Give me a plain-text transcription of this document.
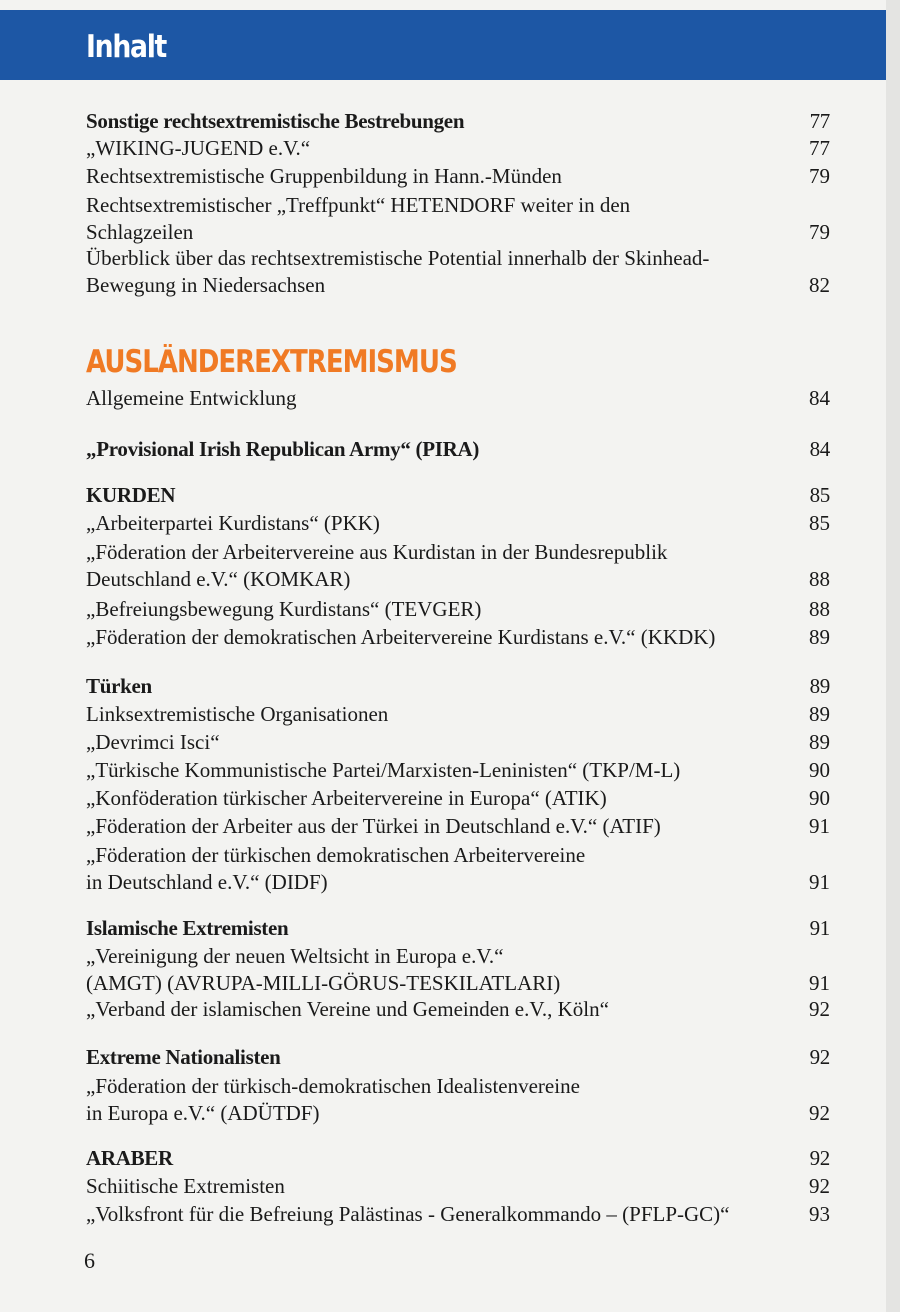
Inhalt
AUSLÄNDEREXTREMISMUS
Sonstige rechtsextremistische Bestrebungen	77
„WIKING-JUGEND e.V.“	77
Rechtsextremistische Gruppenbildung in Hann.-Münden	79
Rechtsextremistischer „Treffpunkt“ HETENDORF weiter in den
Schlagzeilen	79
Überblick über das rechtsextremistische Potential innerhalb der Skinhead-
Bewegung in Niedersachsen	82
Allgemeine Entwicklung	84
„Provisional Irish Republican Army“ (PIRA)	84
KURDEN	85
„Arbeiterpartei Kurdistans“ (PKK)	85
„Föderation der Arbeitervereine aus Kurdistan in der Bundesrepublik
Deutschland e.V.“ (KOMKAR)	88
„Befreiungsbewegung Kurdistans“ (TEVGER)	88
„Föderation der demokratischen Arbeitervereine Kurdistans e.V.“ (KKDK)	89
Türken	89
Linksextremistische Organisationen	89
„Devrimci Isci“	89
„Türkische Kommunistische Partei/Marxisten-Leninisten“ (TKP/M-L)	90
„Konföderation türkischer Arbeitervereine in Europa“ (ATIK)	90
„Föderation der Arbeiter aus der Türkei in Deutschland e.V.“ (ATIF)	91
„Föderation der türkischen demokratischen Arbeitervereine
in Deutschland e.V.“ (DIDF)	91
Islamische Extremisten	91
„Vereinigung der neuen Weltsicht in Europa e.V.“
(AMGT) (AVRUPA-MILLI-GÖRUS-TESKILATLARI)	91
„Verband der islamischen Vereine und Gemeinden e.V., Köln“	92
Extreme Nationalisten	92
„Föderation der türkisch-demokratischen Idealistenvereine
in Europa e.V.“ (ADÜTDF)	92
ARABER	92
Schiitische Extremisten	92
„Volksfront für die Befreiung Palästinas - Generalkommando – (PFLP-GC)“	93
6
